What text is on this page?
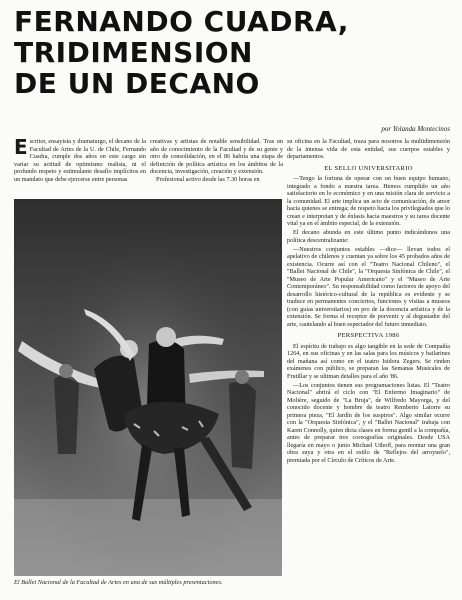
FERNANDO CUADRA,
TRIDIMENSION
DE UN DECANO

por Yolanda Montecinos

Escritor, ensayista y dramaturgo, el decano de la Facultad de Artes de la U. de Chile, Fernando Cuadra, cumple dos años en este cargo sin variar su actitud de optimismo realista, ni el profundo respeto y estimulante desafío implícitos en un mandato que debe ejercerse entre personas
creativas y artistas de notable sensibilidad. Tras un año de conocimiento de la Facultad y de su gente y otro de consolidación, en el 86 habría una etapa de definición de política artística en los ámbitos de la docencia, investigación, creación y extensión.
Profesional activo desde las 7.30 horas en

su oficina en la Facultad, traza para nosotros la multidimensión de la intensa vida de esta entidad, sus cuerpos estables y departamentos.

EL SELLO UNIVERSITARIO

—Tengo la fortuna de operar con un buen equipo humano, integrado a fondo a nuestra tarea. Hemos cumplido un año satisfactorio en lo económico y en una misión clara de servicio a la comunidad. El arte implica un acto de comunicación, de amor hacia quienes se entrega; de respeto hacia los privilegiados que lo crean e interpretan y de énfasis hacia maestros y su tarea docente vital ya en el ámbito especial, de la extensión.

El decano abunda en este último punto indicándonos una política descentralizante:

—Nuestros conjuntos estables —dice— llevan todos el apelativo de chilenos y cuentan ya sobre los 45 probados años de existencia. Ocurre así con el "Teatro Nacional Chileno", el "Ballet Nacional de Chile", la "Orquesta Sinfónica de Chile", el "Museo de Arte Popular Americano" y el "Museo de Arte Contemporáneo". Su responsabilidad como factores de apoyo del desarrollo histórico-cultural de la república es evidente y se traduce en permanentes conciertos, funciones y visitas a museos (con guías universitarios) en pro de la docencia artística y de la extensión. Se forma el receptor de porvenir y al degustador del arte, cautelando al buen espectador del futuro inmediato.

PERSPECTIVA 1986

El espíritu de trabajo es algo tangible en la sede de Compañía 1264, en sus oficinas y en las salas para los músicos y bailarines del mañana así como en el teatro Isidora Zegers. Se rinden exámenes con público, se preparan las Semanas Musicales de Frutillar y se ultiman detalles para el año '86.

—Los conjuntos tienen sus programaciones listas. El "Teatro Nacional" abrirá el ciclo con "El Enfermo Imaginario" de Molière, seguido de "La Bruja", de Wilfredo Mayorga, y del conocido docente y hombre de teatro Remberto Latorre su primera pieza, "El Jardín de los suspiros". Algo similar ocurre con la "Orquesta Sinfónica", y el "Ballet Nacional" trabaja con Karen Connolly, quien dicta clases en forma gentil a la compañía, antes de preparar tres coreografías originales. Desde USA llegaría en mayo o junio Michael Uthoff, para montar una gran obra suya y otra en el estilo de "Reflejos del arroyuelo", premiada por el Círculo de Críticos de Arte.

El Ballet Nacional de la Facultad de Artes en una de sus múltiples presentaciones.
